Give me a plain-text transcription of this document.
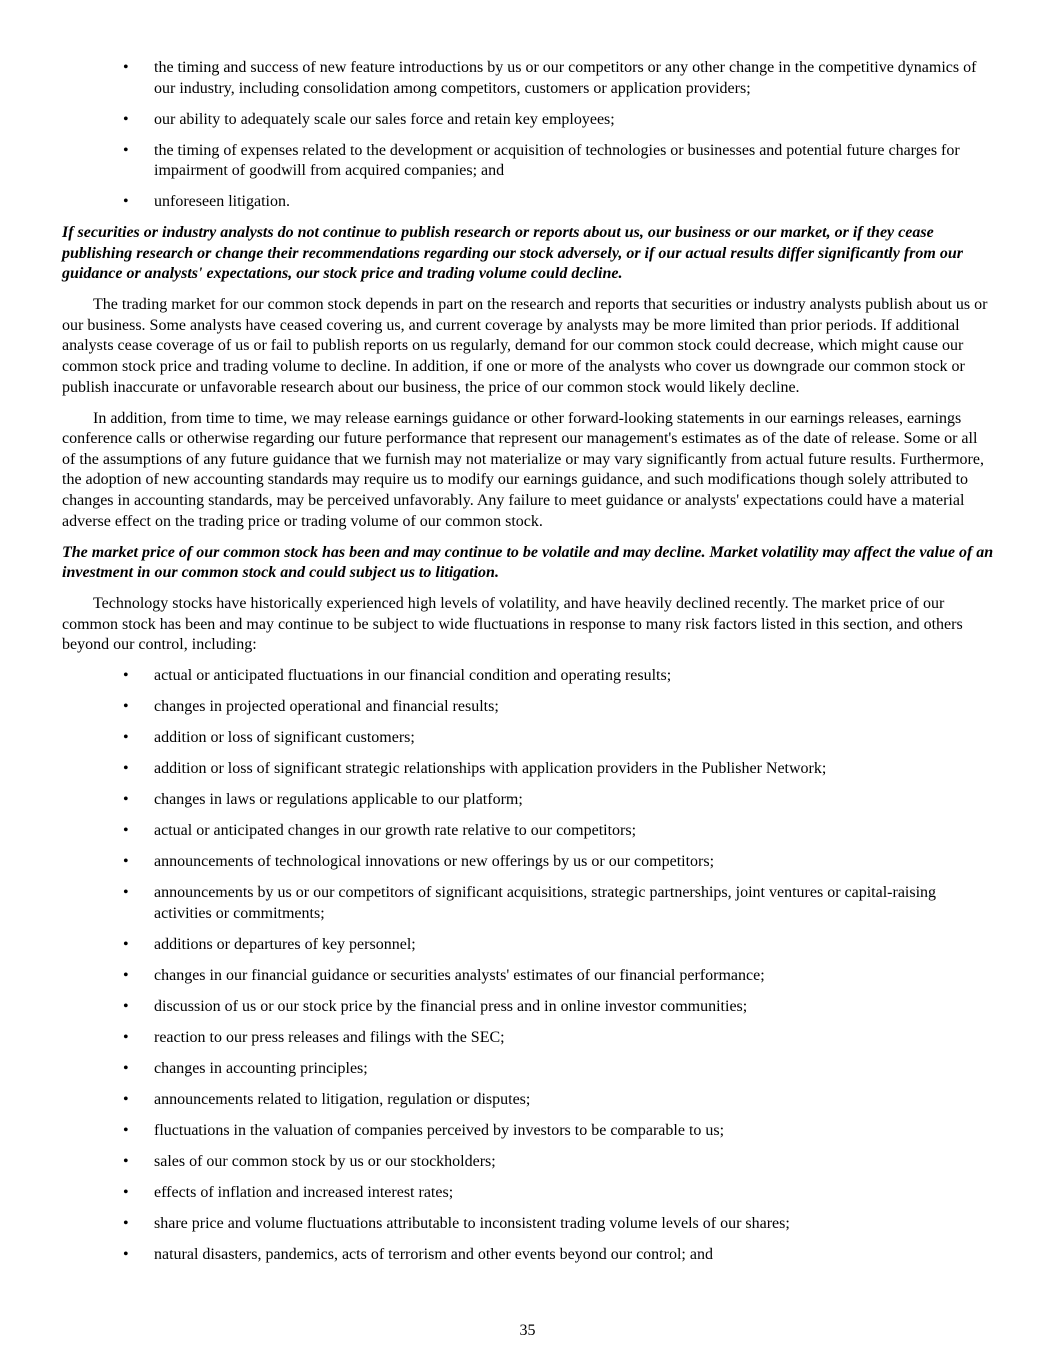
•	the timing and success of new feature introductions by us or our competitors or any other change in the competitive dynamics of our industry, including consolidation among competitors, customers or application providers;
•	our ability to adequately scale our sales force and retain key employees;
•	the timing of expenses related to the development or acquisition of technologies or businesses and potential future charges for impairment of goodwill from acquired companies; and
•	unforeseen litigation.
If securities or industry analysts do not continue to publish research or reports about us, our business or our market, or if they cease publishing research or change their recommendations regarding our stock adversely, or if our actual results differ significantly from our guidance or analysts' expectations, our stock price and trading volume could decline.
The trading market for our common stock depends in part on the research and reports that securities or industry analysts publish about us or our business. Some analysts have ceased covering us, and current coverage by analysts may be more limited than prior periods. If additional analysts cease coverage of us or fail to publish reports on us regularly, demand for our common stock could decrease, which might cause our common stock price and trading volume to decline. In addition, if one or more of the analysts who cover us downgrade our common stock or publish inaccurate or unfavorable research about our business, the price of our common stock would likely decline.
In addition, from time to time, we may release earnings guidance or other forward-looking statements in our earnings releases, earnings conference calls or otherwise regarding our future performance that represent our management's estimates as of the date of release. Some or all of the assumptions of any future guidance that we furnish may not materialize or may vary significantly from actual future results. Furthermore, the adoption of new accounting standards may require us to modify our earnings guidance, and such modifications though solely attributed to changes in accounting standards, may be perceived unfavorably. Any failure to meet guidance or analysts' expectations could have a material adverse effect on the trading price or trading volume of our common stock.
The market price of our common stock has been and may continue to be volatile and may decline. Market volatility may affect the value of an investment in our common stock and could subject us to litigation.
Technology stocks have historically experienced high levels of volatility, and have heavily declined recently. The market price of our common stock has been and may continue to be subject to wide fluctuations in response to many risk factors listed in this section, and others beyond our control, including:
•	actual or anticipated fluctuations in our financial condition and operating results;
•	changes in projected operational and financial results;
•	addition or loss of significant customers;
•	addition or loss of significant strategic relationships with application providers in the Publisher Network;
•	changes in laws or regulations applicable to our platform;
•	actual or anticipated changes in our growth rate relative to our competitors;
•	announcements of technological innovations or new offerings by us or our competitors;
•	announcements by us or our competitors of significant acquisitions, strategic partnerships, joint ventures or capital-raising activities or commitments;
•	additions or departures of key personnel;
•	changes in our financial guidance or securities analysts' estimates of our financial performance;
•	discussion of us or our stock price by the financial press and in online investor communities;
•	reaction to our press releases and filings with the SEC;
•	changes in accounting principles;
•	announcements related to litigation, regulation or disputes;
•	fluctuations in the valuation of companies perceived by investors to be comparable to us;
•	sales of our common stock by us or our stockholders;
•	effects of inflation and increased interest rates;
•	share price and volume fluctuations attributable to inconsistent trading volume levels of our shares;
•	natural disasters, pandemics, acts of terrorism and other events beyond our control; and
35
